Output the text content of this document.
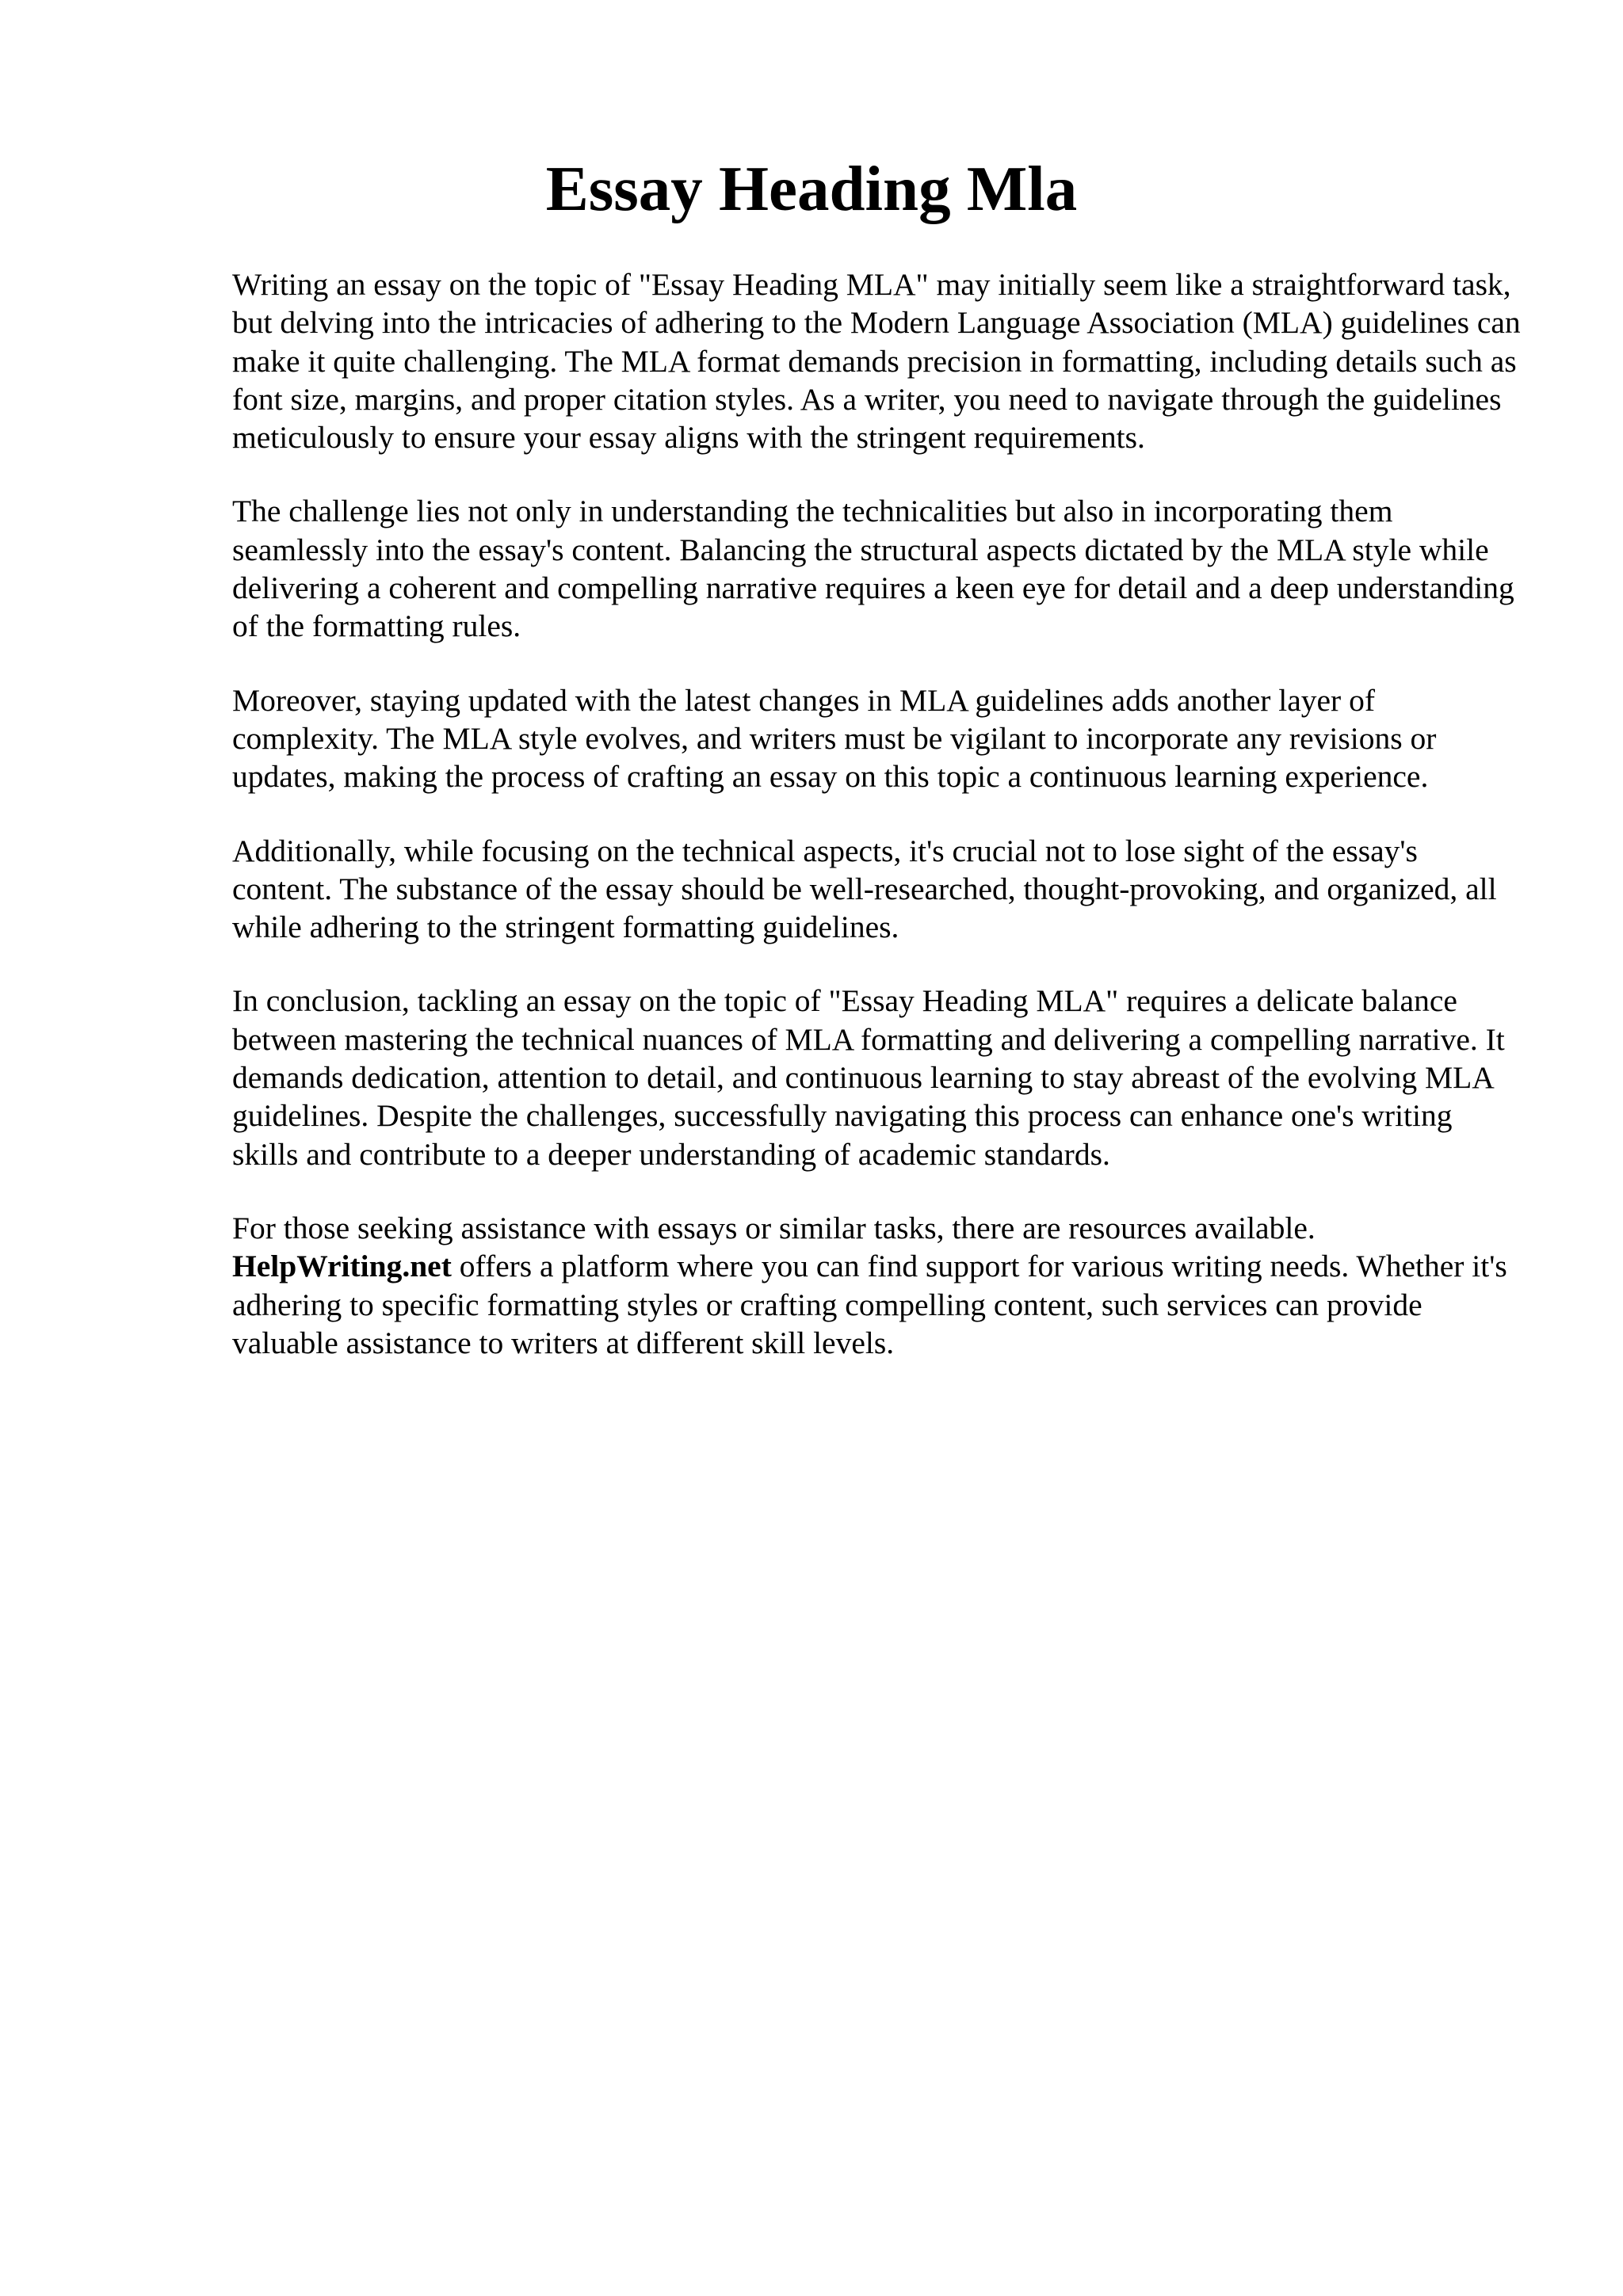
Essay Heading Mla

Writing an essay on the topic of "Essay Heading MLA" may initially seem like a straightforward task, but delving into the intricacies of adhering to the Modern Language Association (MLA) guidelines can make it quite challenging. The MLA format demands precision in formatting, including details such as font size, margins, and proper citation styles. As a writer, you need to navigate through the guidelines meticulously to ensure your essay aligns with the stringent requirements.

The challenge lies not only in understanding the technicalities but also in incorporating them seamlessly into the essay's content. Balancing the structural aspects dictated by the MLA style while delivering a coherent and compelling narrative requires a keen eye for detail and a deep understanding of the formatting rules.

Moreover, staying updated with the latest changes in MLA guidelines adds another layer of complexity. The MLA style evolves, and writers must be vigilant to incorporate any revisions or updates, making the process of crafting an essay on this topic a continuous learning experience.

Additionally, while focusing on the technical aspects, it's crucial not to lose sight of the essay's content. The substance of the essay should be well-researched, thought-provoking, and organized, all while adhering to the stringent formatting guidelines.

In conclusion, tackling an essay on the topic of "Essay Heading MLA" requires a delicate balance between mastering the technical nuances of MLA formatting and delivering a compelling narrative. It demands dedication, attention to detail, and continuous learning to stay abreast of the evolving MLA guidelines. Despite the challenges, successfully navigating this process can enhance one's writing skills and contribute to a deeper understanding of academic standards.

For those seeking assistance with essays or similar tasks, there are resources available.
HelpWriting.net offers a platform where you can find support for various writing needs. Whether it's adhering to specific formatting styles or crafting compelling content, such services can provide valuable assistance to writers at different skill levels.
